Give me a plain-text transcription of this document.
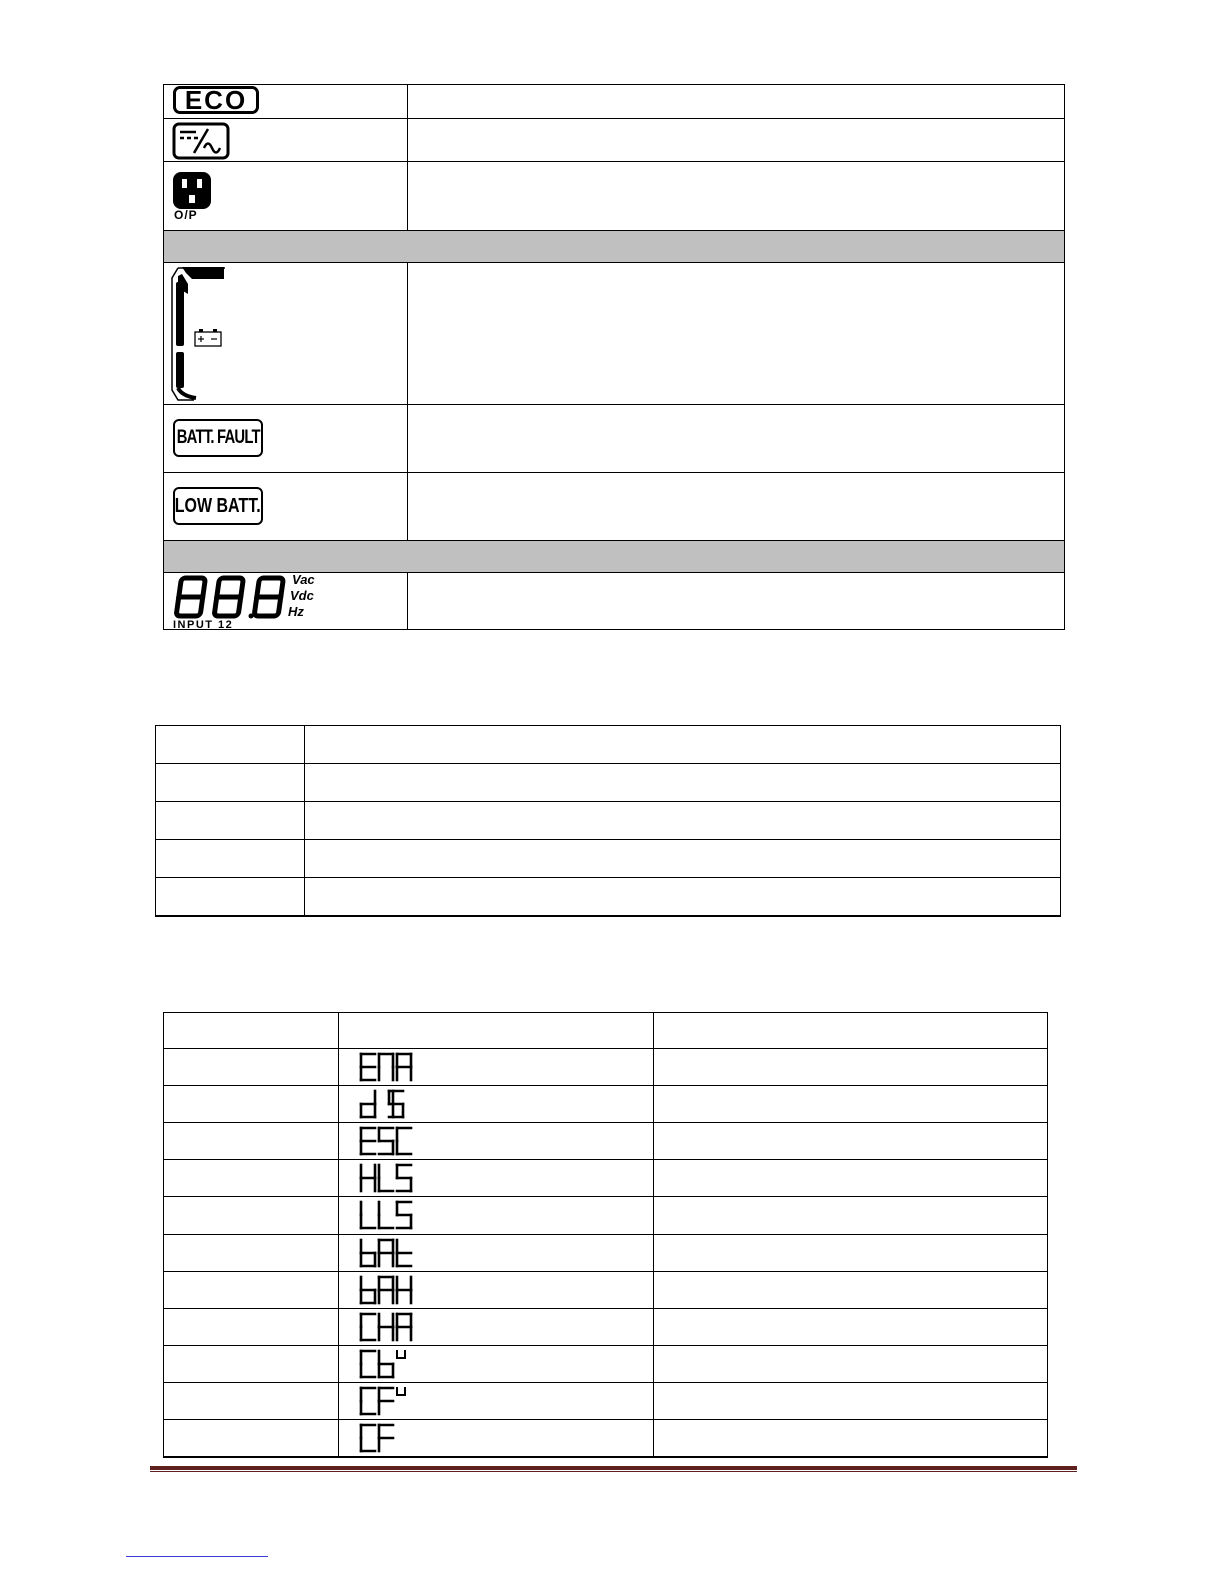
ECO
O/P
BATT. FAULT
LOW BATT.
Vac
Vdc
Hz
INPUT 12
